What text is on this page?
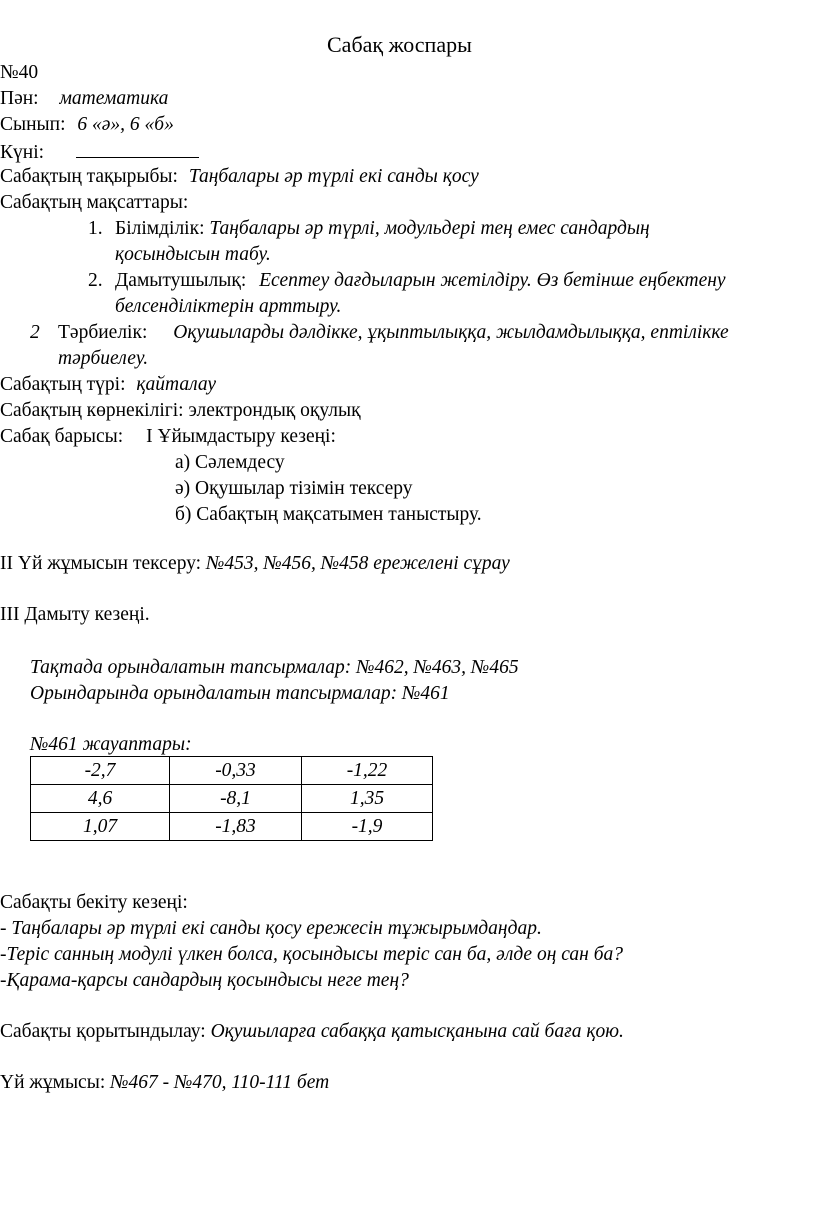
Сабақ жоспары
№40
Пән: математика
Сынып: 6 «ә», 6 «б»
Күні:
Сабақтың тақырыбы: Таңбалары әр түрлі екі санды қосу
Сабақтың мақсаттары:
1. Білімділік: Таңбалары әр түрлі, модульдері тең емес сандардың
қосындысын табу.
2. Дамытушылық: Есептеу дағдыларын жетілдіру. Өз бетінше еңбектену
белсенділіктерін арттыру.
2 Тәрбиелік: Оқушыларды дәлдікке, ұқыптылыққа, жылдамдылыққа, ептілікке
тәрбиелеу.
Сабақтың түрі: қайталау
Сабақтың көрнекілігі: электрондық оқулық
Сабақ барысы: І Ұйымдастыру кезеңі:
а) Сәлемдесу
ә) Оқушылар тізімін тексеру
б) Сабақтың мақсатымен таныстыру.
ІІ Үй жұмысын тексеру: №453, №456, №458 ережелені сұрау
ІІІ Дамыту кезеңі.
Тақтада орындалатын тапсырмалар: №462, №463, №465
Орындарында орындалатын тапсырмалар: №461
№461 жауаптары:
-2,7	-0,33	-1,22
4,6	-8,1	1,35
1,07	-1,83	-1,9
Сабақты бекіту кезеңі:
- Таңбалары әр түрлі екі санды қосу ережесін тұжырымдаңдар.
-Теріс санның модулі үлкен болса, қосындысы теріс сан ба, әлде оң сан ба?
-Қарама-қарсы сандардың қосындысы неге тең?
Сабақты қорытындылау: Оқушыларға сабаққа қатысқанына сай баға қою.
Үй жұмысы: №467 - №470, 110-111 бет
